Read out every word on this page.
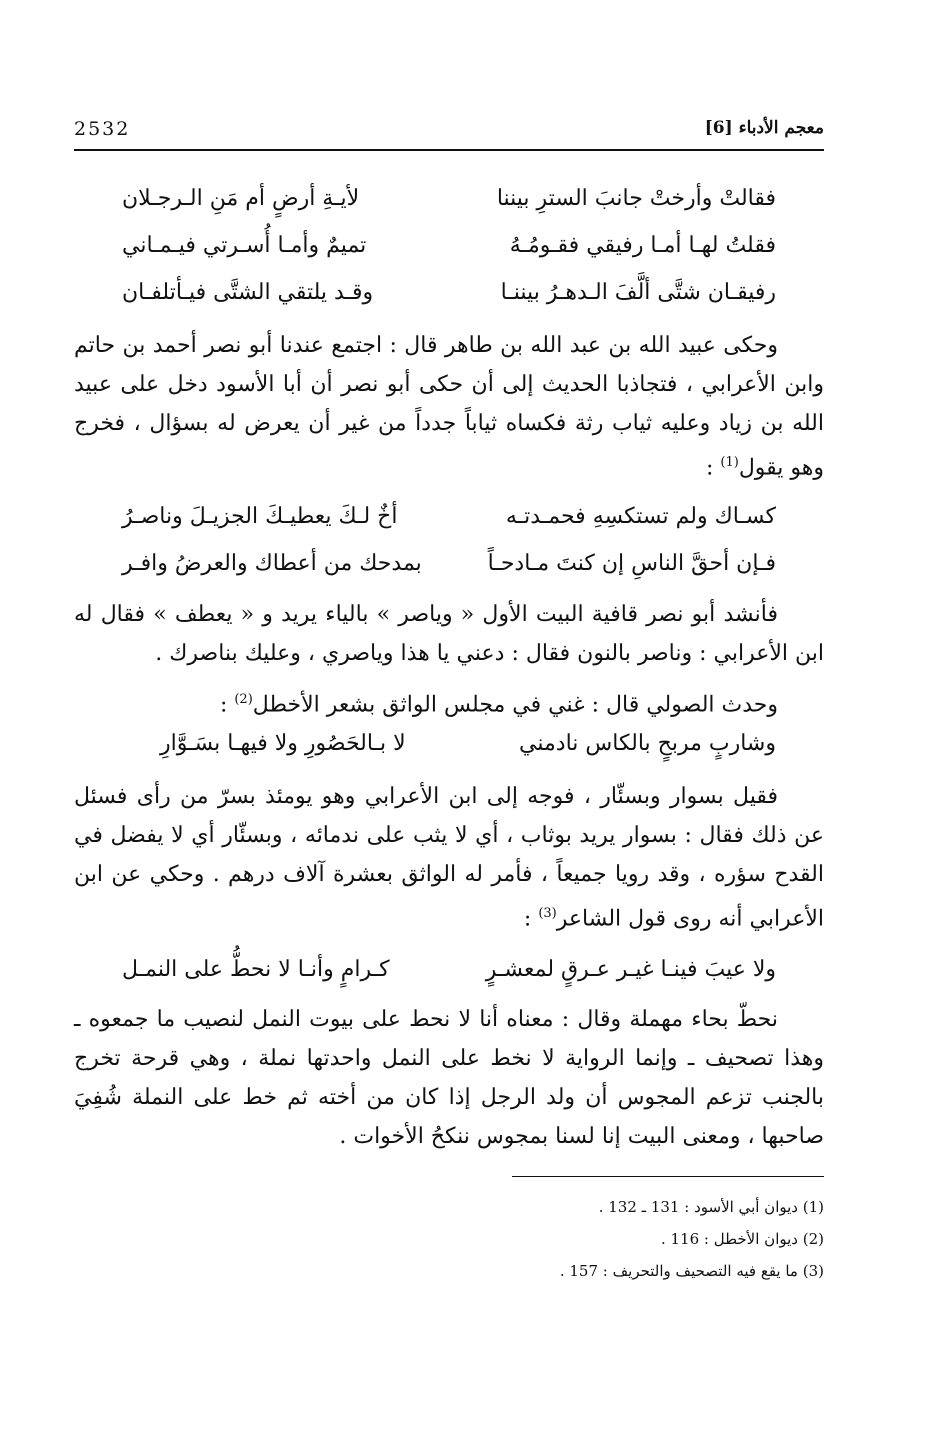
2532	معجم الأدباء [6]
فقالتْ وأرختْ جانبَ السترِ بيننا
لأيـةِ أرضٍ أم مَنِ الـرجـلان
فقلتُ لهـا أمـا رفيقي فقـومُـهُ
تميمٌ وأمـا أُسـرتي فيـمـاني
رفيقـان شتَّى ألَّفَ الـدهـرُ بيننـا
وقـد يلتقي الشتَّى فيـأتلفـان
وحكى عبيد الله بن عبد الله بن طاهر قال : اجتمع عندنا أبو نصر أحمد بن حاتم وابن الأعرابي ، فتجاذبا الحديث إلى أن حكى أبو نصر أن أبا الأسود دخل على عبيد الله بن زياد وعليه ثياب رثة فكساه ثياباً جدداً من غير أن يعرض له بسؤال ، فخرج وهو يقول$^{(1)}$ :
كسـاك ولم تستكسِهِ فحمـدتـه
أخٌ لـكَ يعطيـكَ الجزيـلَ وناصـرُ
فـإن أحقَّ الناسِ إن كنتَ مـادحـاً
بمدحك من أعطاك والعرضُ وافـر
فأنشد أبو نصر قافية البيت الأول « وياصر » بالياء يريد و « يعطف » فقال له ابن الأعرابي : وناصر بالنون فقال : دعني يا هذا وياصري ، وعليك بناصرك .
وحدث الصولي قال : غني في مجلس الواثق بشعر الأخطل$^{(2)}$ :
وشاربٍ مربحٍ بالكاس نادمني
لا بـالحَصُورِ ولا فيهـا بسَـوَّارِ
فقيل بسوار وبسئّار ، فوجه إلى ابن الأعرابي وهو يومئذ بسرّ من رأى فسئل عن ذلك فقال : بسوار يريد بوثاب ، أي لا يثب على ندمائه ، وبسئّار أي لا يفضل في القدح سؤره ، وقد رويا جميعاً ، فأمر له الواثق بعشرة آلاف درهم . وحكي عن ابن الأعرابي أنه روى قول الشاعر$^{(3)}$ :
ولا عيبَ فينـا غيـر عـرقٍ لمعشـرٍ
كـرامٍ وأنـا لا نحطُّ على النمـل
نحطّ بحاء مهملة وقال : معناه أنا لا نحط على بيوت النمل لنصيب ما جمعوه ـ وهذا تصحيف ـ وإنما الرواية لا نخط على النمل واحدتها نملة ، وهي قرحة تخرج بالجنب تزعم المجوس أن ولد الرجل إذا كان من أخته ثم خط على النملة شُفِيَ صاحبها ، ومعنى البيت إنا لسنا بمجوس ننكحُ الأخوات .
(1) ديوان أبي الأسود : 131 ـ 132 .
(2) ديوان الأخطل : 116 .
(3) ما يقع فيه التصحيف والتحريف : 157 .
